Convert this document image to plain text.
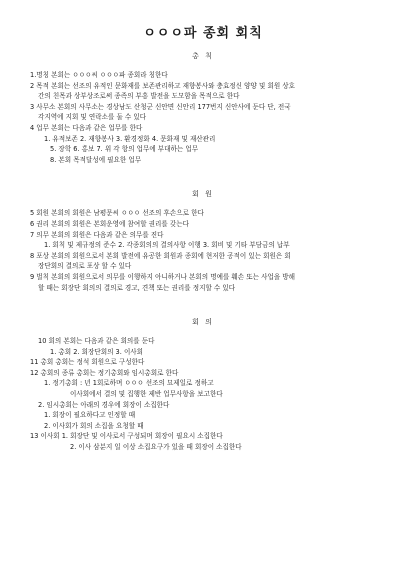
ㅇㅇㅇ파 종회 회칙
총 칙
1.명칭 본회는 ㅇㅇㅇ씨 ㅇㅇㅇ파 종회라 칭한다
2 목적 본회는 선조의 유적인 문화재를 보존관리하고 재향봉사와 충효정신 양양 및 회원 상호
간의 친목과 상부상조로써 종족의 부흥 발전을 도모함을 목적으로 한다
3 사무소 본회의 사무소는 경상남도 산청군 신안면 신안리 177번지 신안사에 둔다 단, 전국
각지역에 지회 및 연락소를 둘 수 있다
4 업무 본회는 다음과 같은 업무를 한다
1. 유적보존 2. 재향봉사 3. 환경정화 4. 문화재 및 재산관리
5. 장학 6. 홍보 7. 위 각 항의 업무에 부대하는 업무
8. 본회 목적달성에 필요한 업무
회 원
5 회원 본회의 회원은 남평문씨 ㅇㅇㅇ 선조의 후손으로 한다
6 권리 본회의 회원은 본회운영에 참여할 권리를 갖는다
7 의무 본회의 회원은 다음과 같은 의무를 진다
1. 회칙 및 제규정의 준수 2. 각종회의의 결의사항 이행 3. 회비 및 기타 부담금의 납부
8 포상 본회의 회원으로서 본회 발전에 유공한 회원과 종회에 현저한 공적이 있는 회원은 회
장단회의 결의로 포상 할 수 있다
9 벌칙 본회의 회원으로서 의무를 이행하지 아니하거나 본회의 명예를 훼손 또는 사업을 방해
할 때는 회장단 회의의 결의로 경고, 견책 또는 권리를 정지할 수 있다
회 의
10 회의 본회는 다음과 같은 회의를 둔다
1. 총회 2. 회장단회의 3. 이사회
11 총회 총회는 정석 회원으로 구성한다
12 총회의 종류 총회는 정기총회와 임시총회로 한다
1. 정기총회 : 년 1회로하며 ㅇㅇㅇ 선조의 묘제일로 정하고
이사회에서 결의 및 집행한 제반 업무사항을 보고한다
2. 임시총회는 아래의 경우에 회장이 소집한다
1. 회장이 필요하다고 인정할 때
2. 이사회가 회의 소집을 요청할 때
13 이사회 1. 회장단 및 이사로서 구성되며 회장이 필요시 소집한다
2. 이사 삼분지 일 이상 소집요구가 있을 때 회장이 소집한다
